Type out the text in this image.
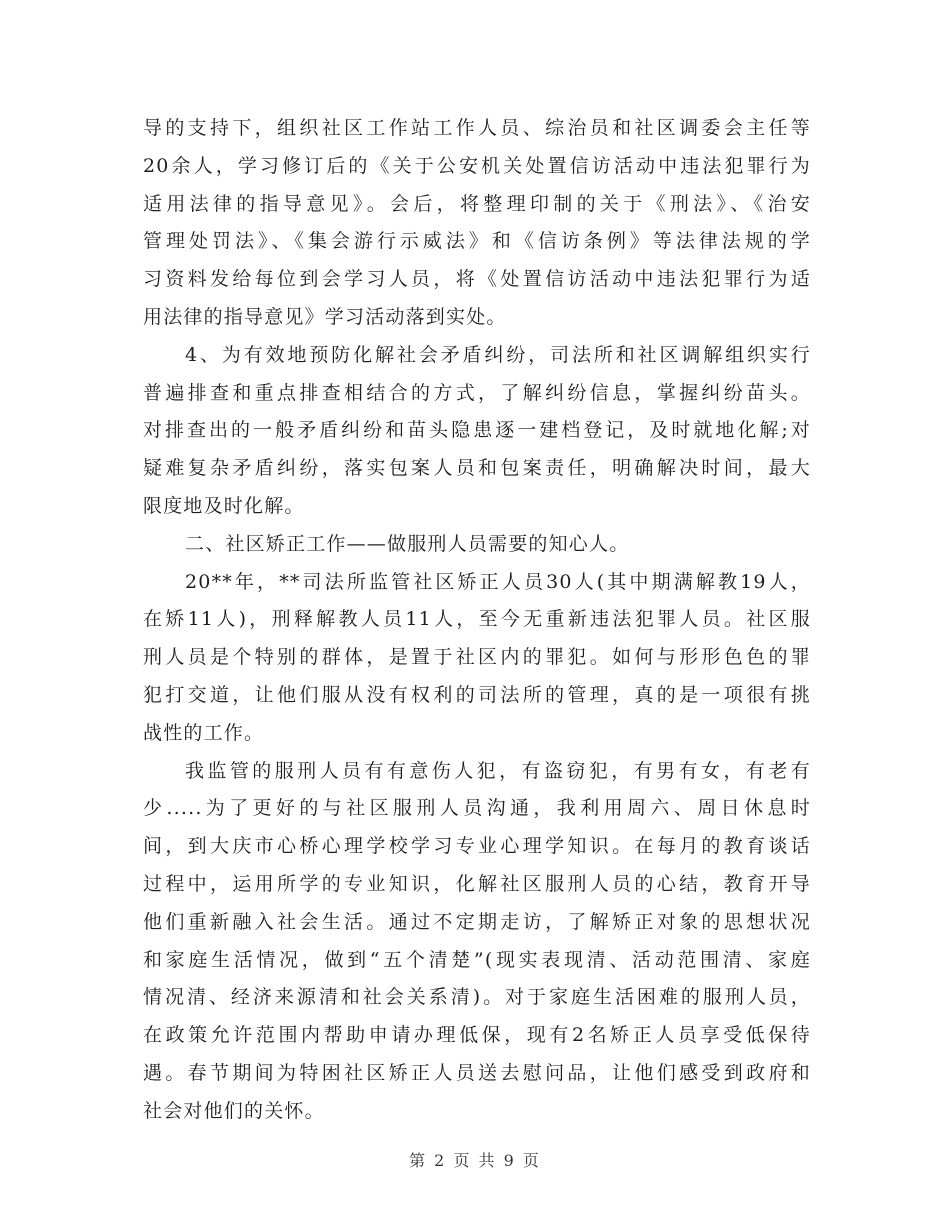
导的支持下，组织社区工作站工作人员、综治员和社区调委会主任等
20余人，学习修订后的《关于公安机关处置信访活动中违法犯罪行为
适用法律的指导意见》。会后，将整理印制的关于《刑法》、《治安
管理处罚法》、《集会游行示威法》和《信访条例》等法律法规的学
习资料发给每位到会学习人员，将《处置信访活动中违法犯罪行为适
用法律的指导意见》学习活动落到实处。
4、为有效地预防化解社会矛盾纠纷，司法所和社区调解组织实行
普遍排查和重点排查相结合的方式，了解纠纷信息，掌握纠纷苗头。
对排查出的一般矛盾纠纷和苗头隐患逐一建档登记，及时就地化解;对
疑难复杂矛盾纠纷，落实包案人员和包案责任，明确解决时间，最大
限度地及时化解。
二、社区矫正工作——做服刑人员需要的知心人。
20**年，**司法所监管社区矫正人员30人(其中期满解教19人，
在矫11人)，刑释解教人员11人，至今无重新违法犯罪人员。社区服
刑人员是个特别的群体，是置于社区内的罪犯。如何与形形色色的罪
犯打交道，让他们服从没有权利的司法所的管理，真的是一项很有挑
战性的工作。
我监管的服刑人员有有意伤人犯，有盗窃犯，有男有女，有老有
少.....为了更好的与社区服刑人员沟通，我利用周六、周日休息时
间，到大庆市心桥心理学校学习专业心理学知识。在每月的教育谈话
过程中，运用所学的专业知识，化解社区服刑人员的心结，教育开导
他们重新融入社会生活。通过不定期走访，了解矫正对象的思想状况
和家庭生活情况，做到“五个清楚”(现实表现清、活动范围清、家庭
情况清、经济来源清和社会关系清)。对于家庭生活困难的服刑人员，
在政策允许范围内帮助申请办理低保，现有2名矫正人员享受低保待
遇。春节期间为特困社区矫正人员送去慰问品，让他们感受到政府和
社会对他们的关怀。
第 2 页 共 9 页
